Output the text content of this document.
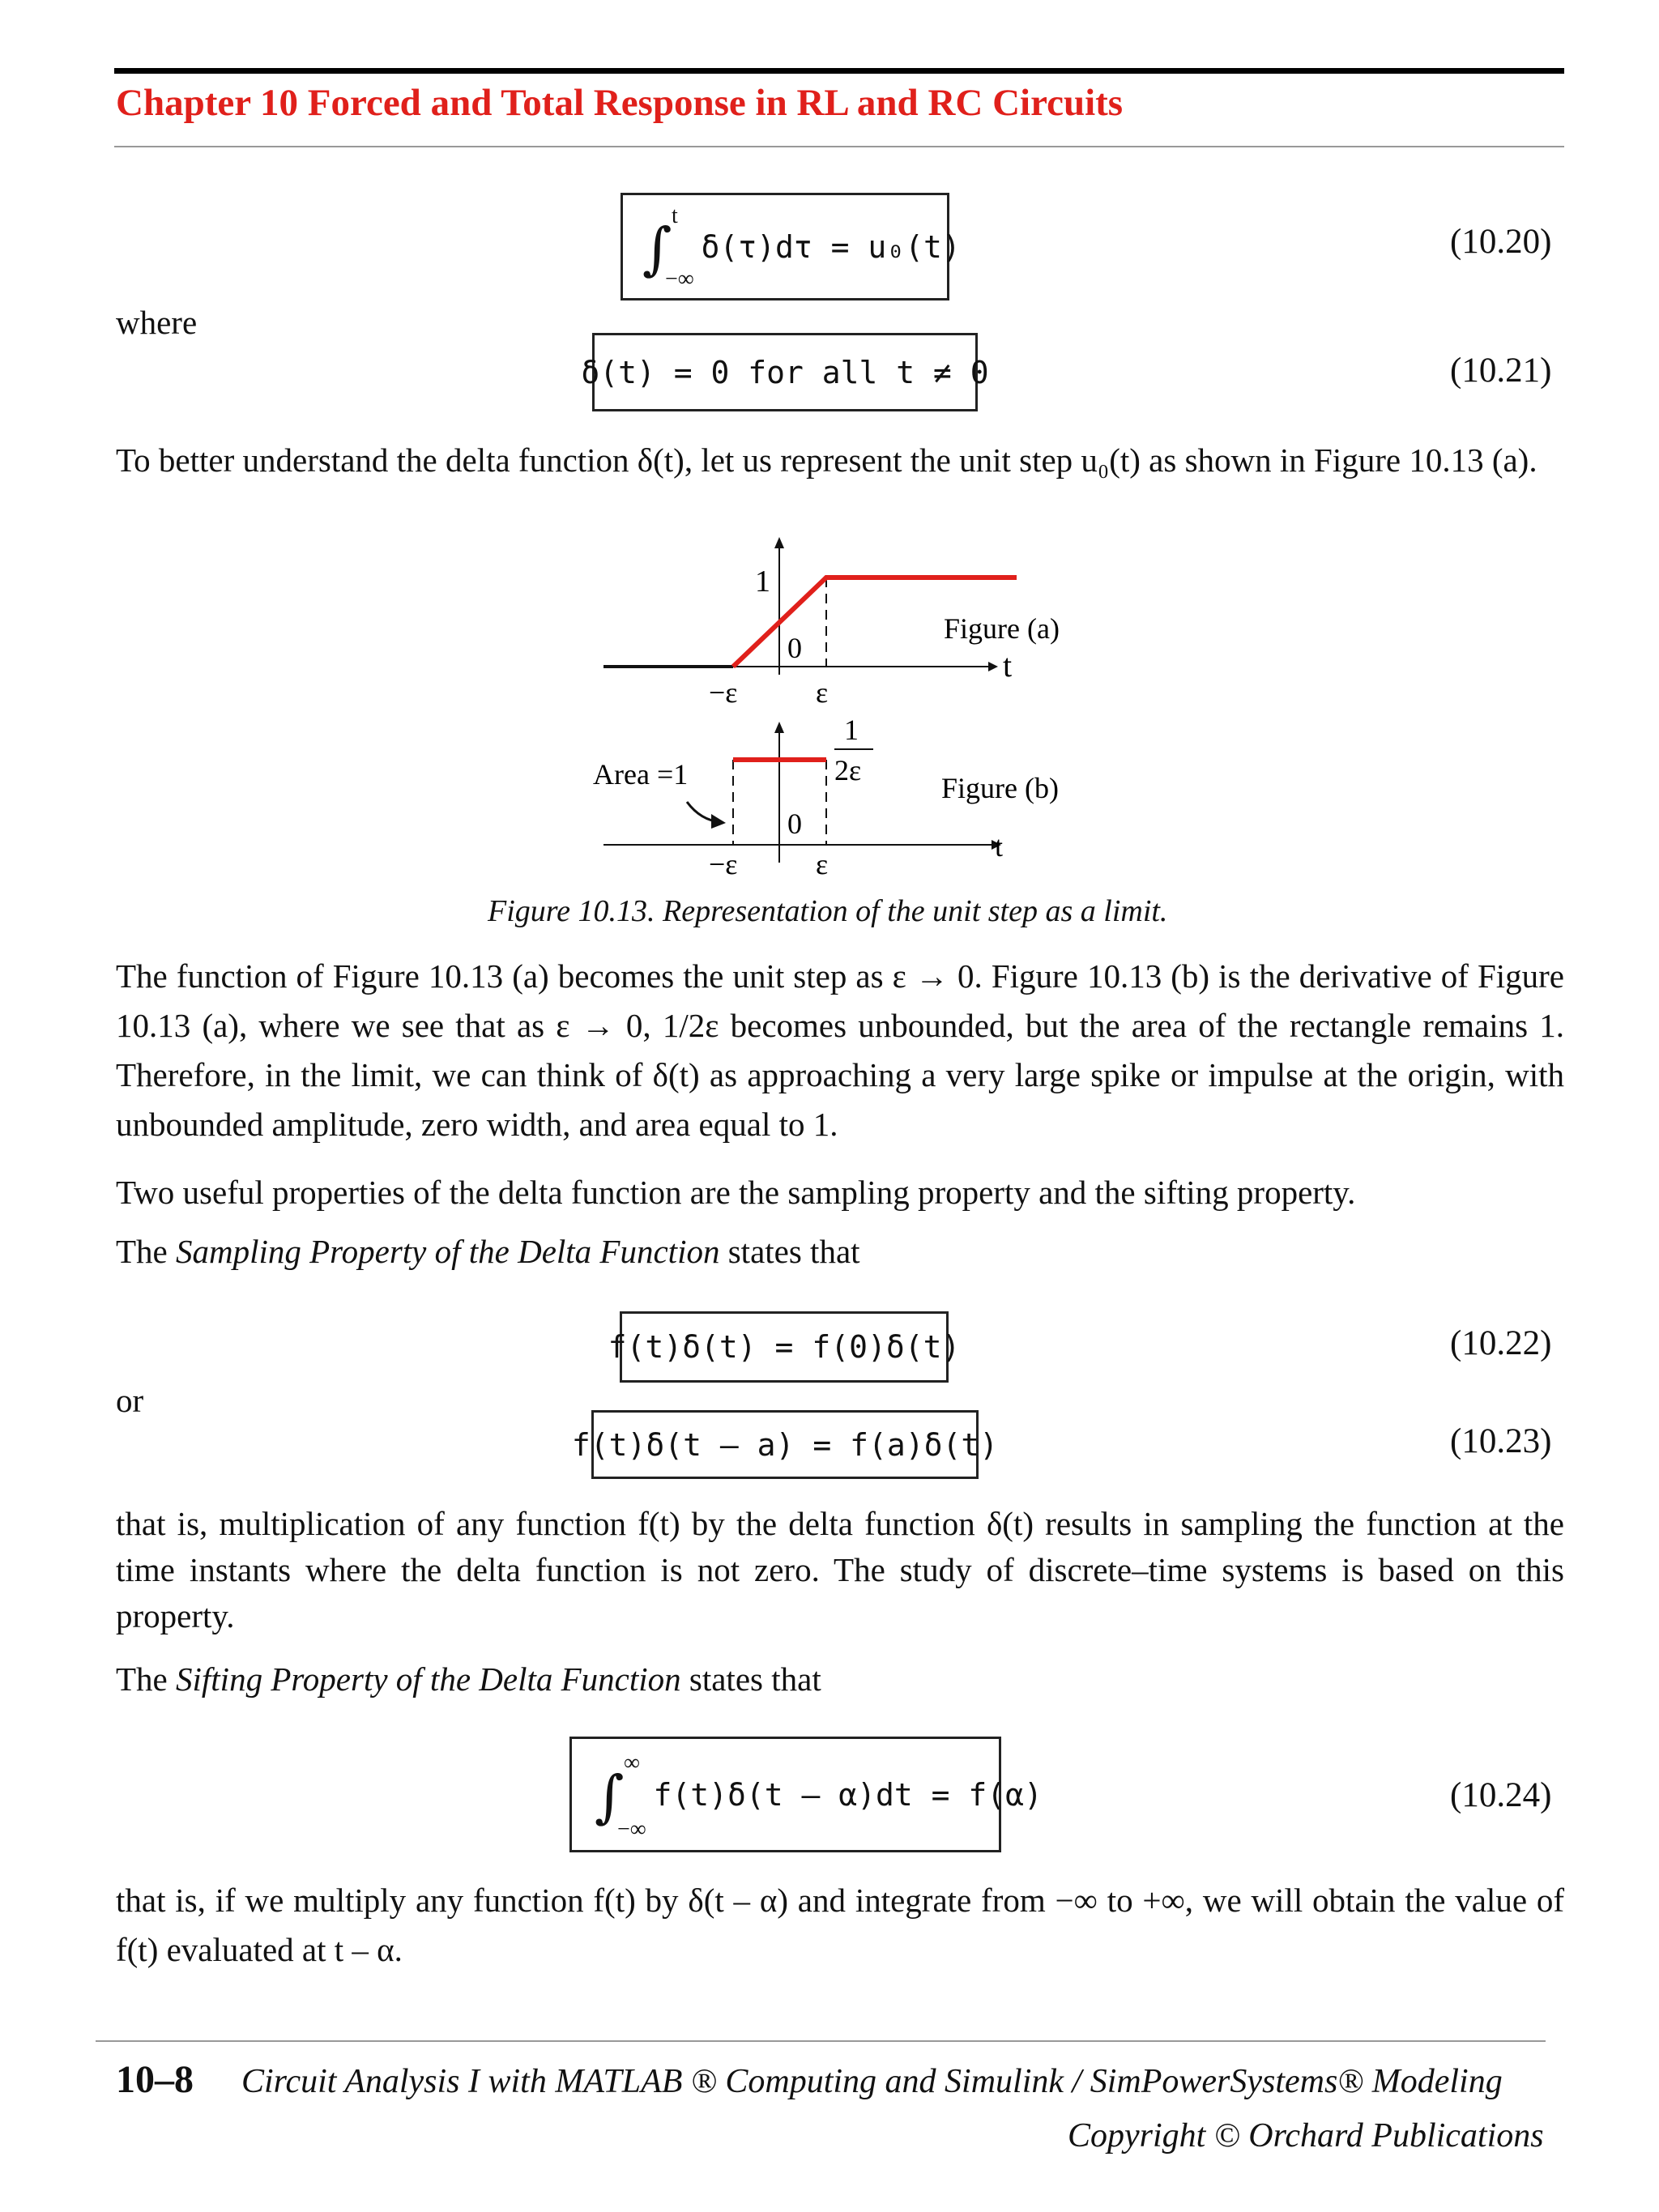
Chapter 10 Forced and Total Response in RL and RC Circuits
∫ t
−∞
δ(τ)dτ = u₀(t)	(10.20)
where
δ(t) = 0 for all t ≠ 0	(10.21)
To better understand the delta function δ(t), let us represent the unit step u₀(t) as shown in Figure 10.13 (a).
1
0
−ε	ε
Figure (a)
t
Area =1
1
2ε
0
−ε	ε
Figure (b)
t
Figure 10.13. Representation of the unit step as a limit.
The function of Figure 10.13 (a) becomes the unit step as ε → 0. Figure 10.13 (b) is the derivative of Figure 10.13 (a), where we see that as ε → 0, 1/2ε becomes unbounded, but the area of the rectangle remains 1. Therefore, in the limit, we can think of δ(t) as approaching a very large spike or impulse at the origin, with unbounded amplitude, zero width, and area equal to 1.
Two useful properties of the delta function are the sampling property and the sifting property.
The Sampling Property of the Delta Function states that
f(t)δ(t) = f(0)δ(t)	(10.22)
or
f(t)δ(t – a) = f(a)δ(t)	(10.23)
that is, multiplication of any function f(t) by the delta function δ(t) results in sampling the function at the time instants where the delta function is not zero. The study of discrete–time systems is based on this property.
The Sifting Property of the Delta Function states that
∫ ∞
−∞
f(t)δ(t – α)dt = f(α)	(10.24)
that is, if we multiply any function f(t) by δ(t – α) and integrate from −∞ to +∞, we will obtain the value of f(t) evaluated at t – α.
10–8 Circuit Analysis I with MATLAB ® Computing and Simulink / SimPowerSystems® Modeling
Copyright © Orchard Publications
